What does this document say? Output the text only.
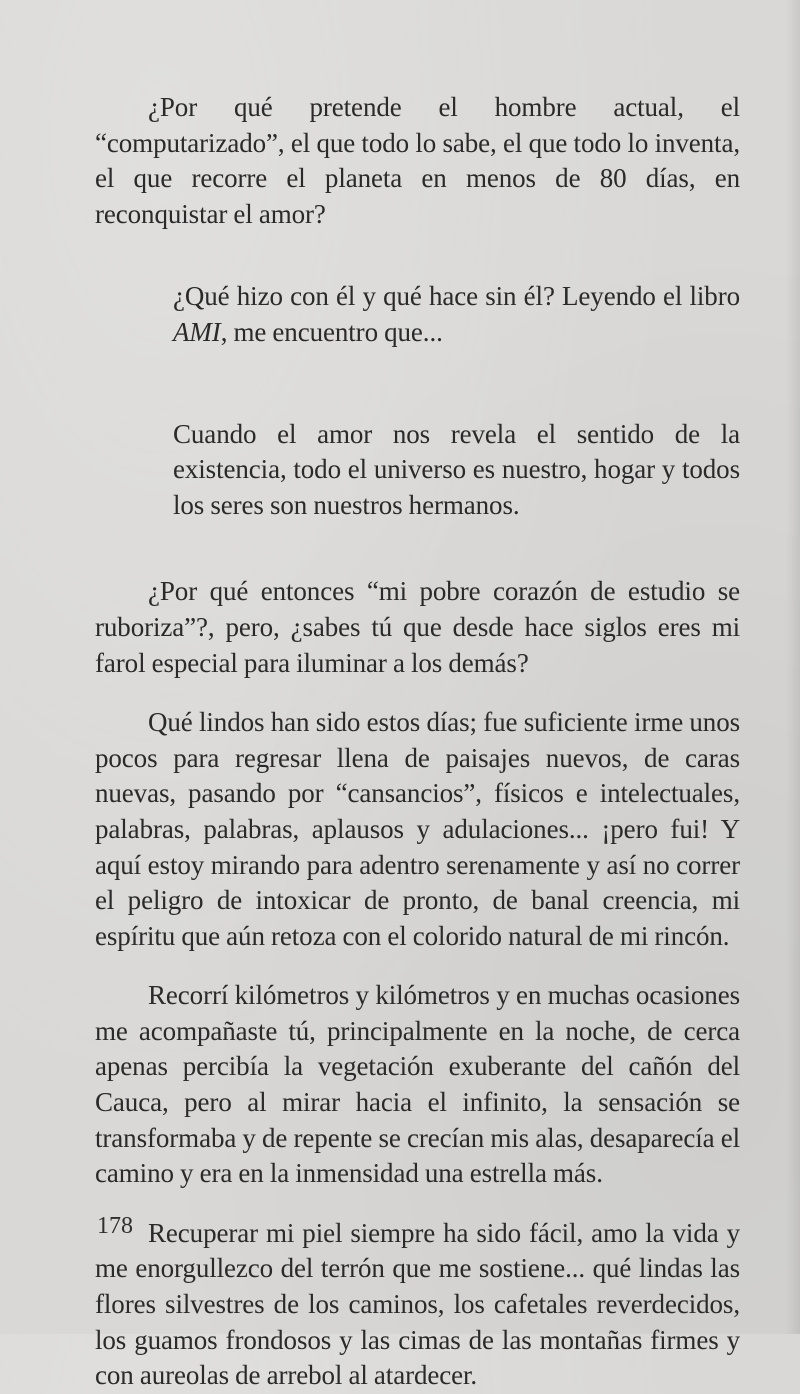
¿Por qué pretende el hombre actual, el “computarizado”, el que todo lo sabe, el que todo lo inventa, el que recorre el planeta en menos de 80 días, en reconquistar el amor?

¿Qué hizo con él y qué hace sin él? Leyendo el libro AMI, me encuentro que...

Cuando el amor nos revela el sentido de la existencia, todo el universo es nuestro, hogar y todos los seres son nuestros hermanos.

¿Por qué entonces “mi pobre corazón de estudio se ruboriza”?, pero, ¿sabes tú que desde hace siglos eres mi farol especial para iluminar a los demás?

Qué lindos han sido estos días; fue suficiente irme unos pocos para regresar llena de paisajes nuevos, de caras nuevas, pasando por “cansancios”, físicos e intelectuales, palabras, palabras, aplausos y adulaciones... ¡pero fui! Y aquí estoy mirando para adentro serenamente y así no correr el peligro de intoxicar de pronto, de banal creencia, mi espíritu que aún retoza con el colorido natural de mi rincón.

Recorrí kilómetros y kilómetros y en muchas ocasiones me acompañaste tú, principalmente en la noche, de cerca apenas percibía la vegetación exuberante del cañón del Cauca, pero al mirar hacia el infinito, la sensación se transformaba y de repente se crecían mis alas, desaparecía el camino y era en la inmensidad una estrella más.

Recuperar mi piel siempre ha sido fácil, amo la vida y me enorgullezco del terrón que me sostiene... qué lindas las flores silvestres de los caminos, los cafetales reverdecidos, los guamos frondosos y las cimas de las montañas firmes y con aureolas de arrebol al atardecer.

178
